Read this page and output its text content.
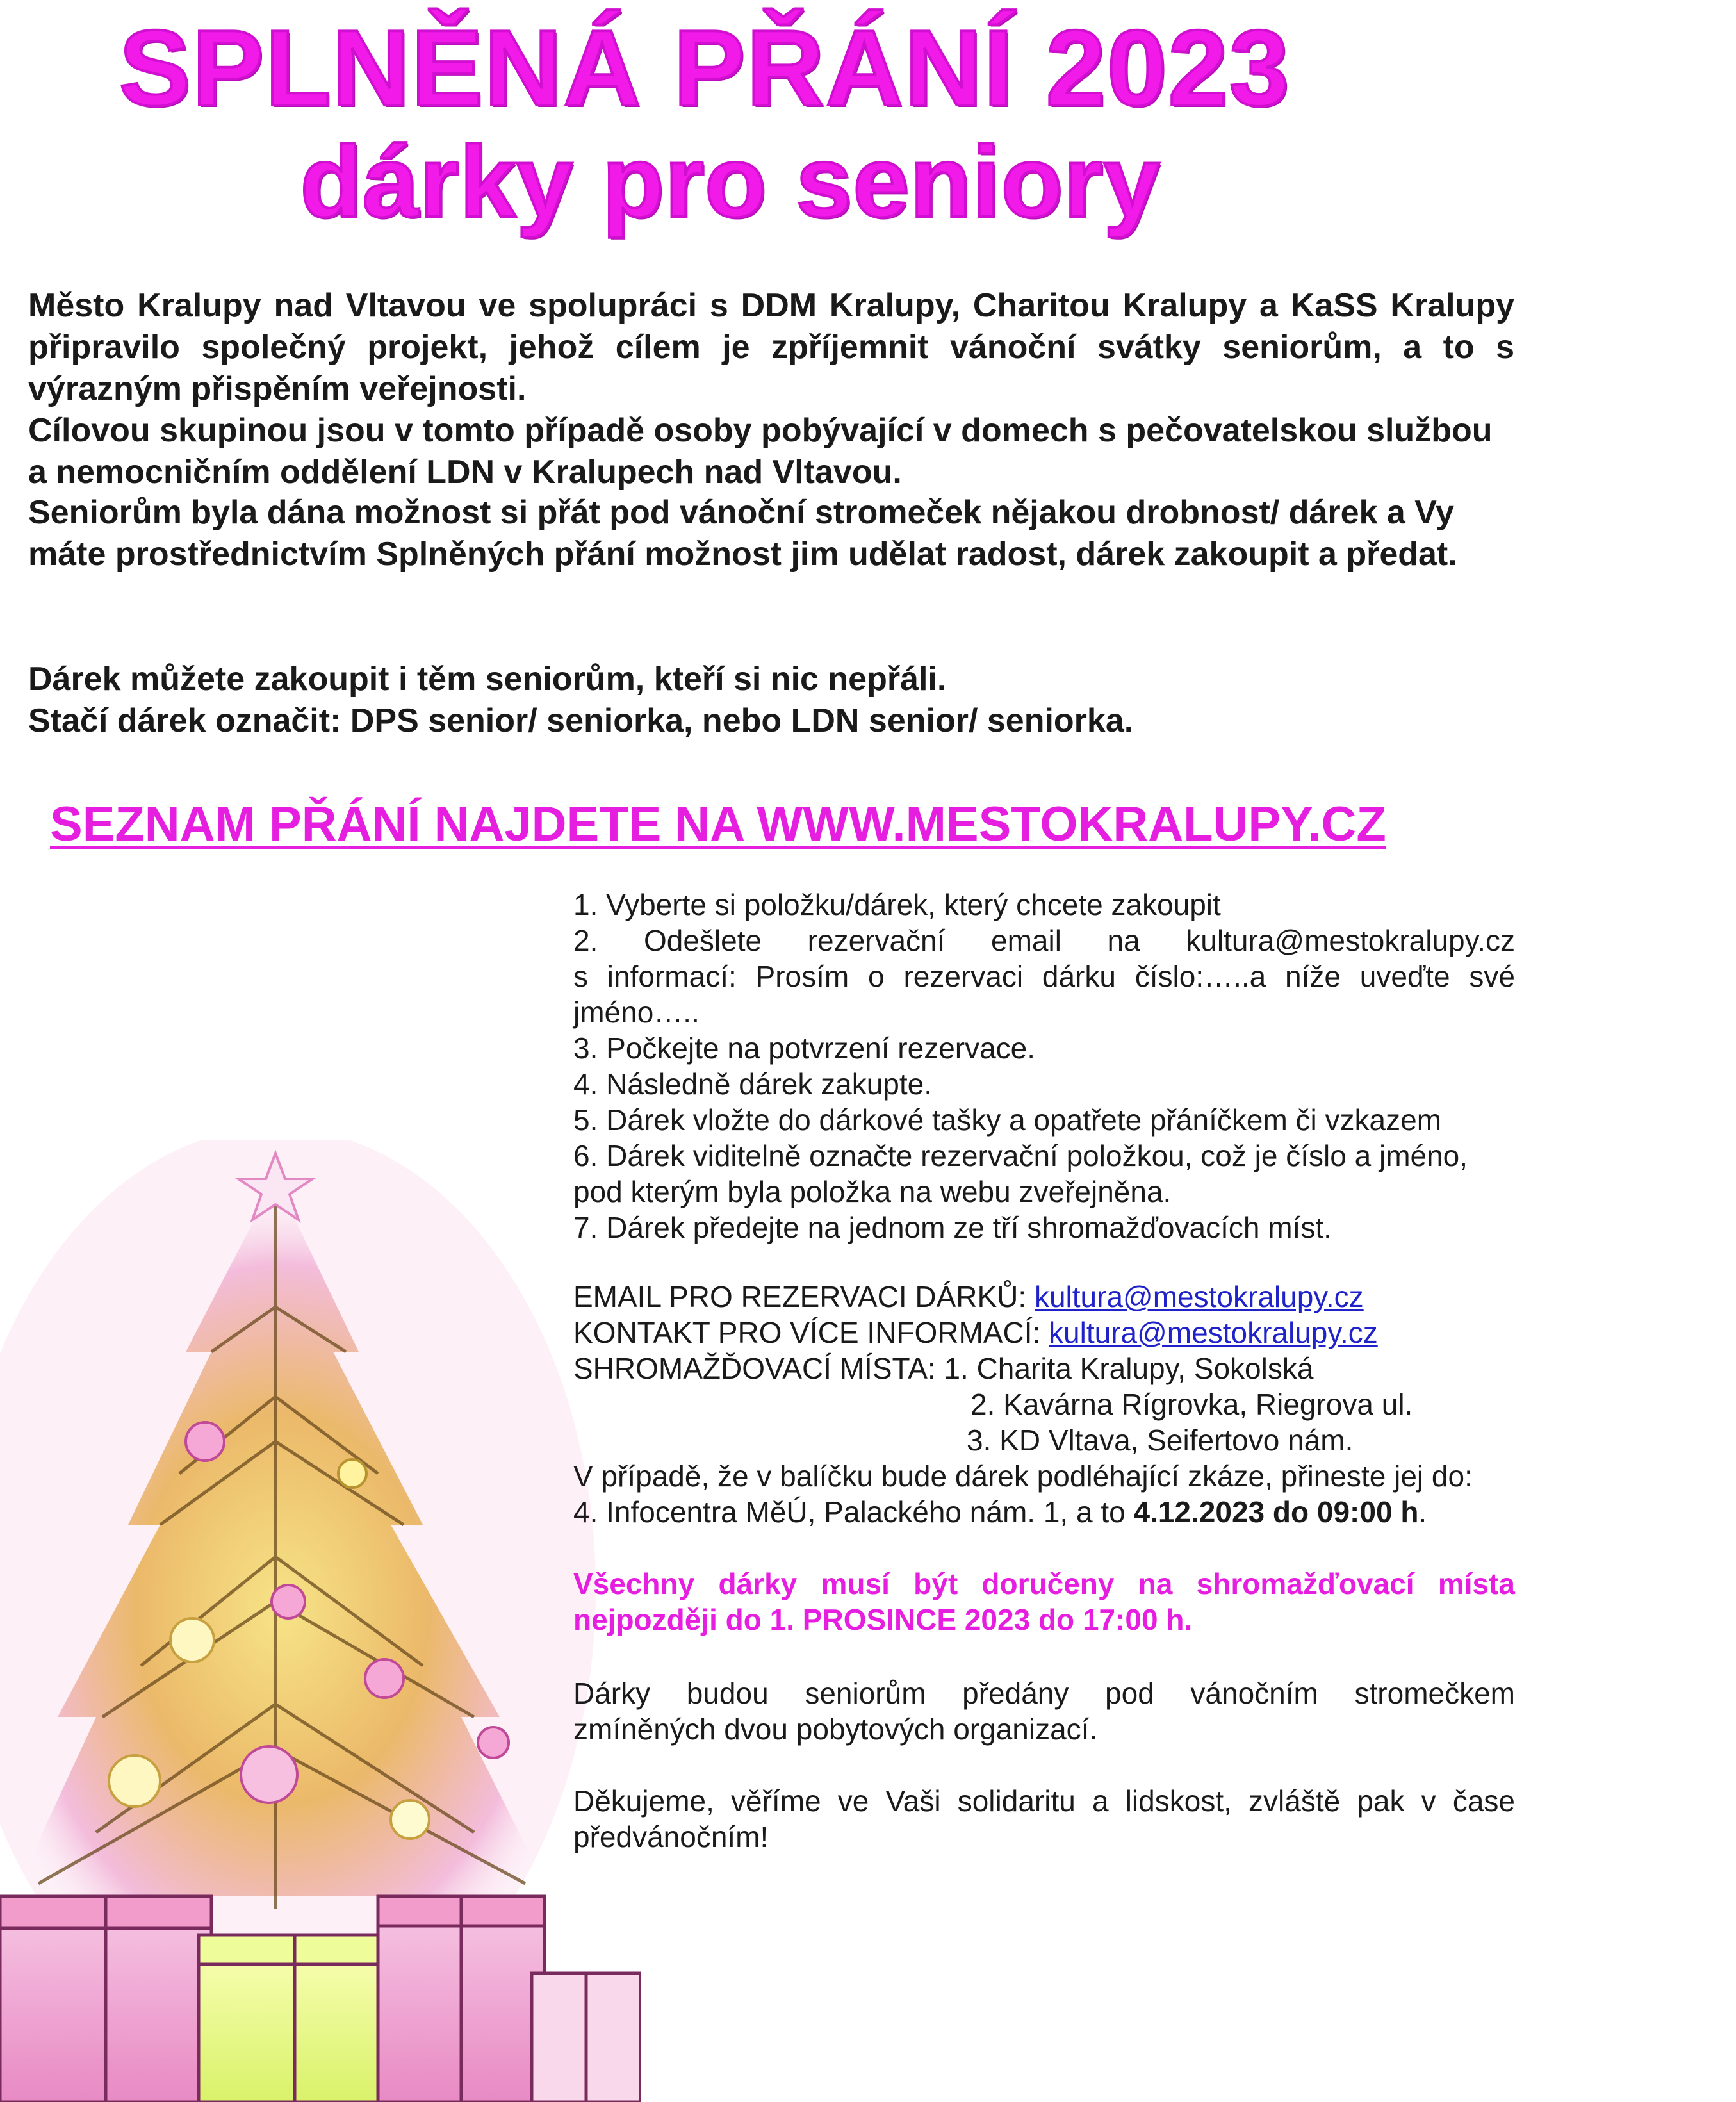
SPLNĚNÁ PŘÁNÍ 2023
dárky pro seniory

Město Kralupy nad Vltavou ve spolupráci s DDM Kralupy, Charitou Kralupy a KaSS Kralupy připravilo společný projekt, jehož cílem je zpříjemnit vánoční svátky seniorům, a to s výrazným přispěním veřejnosti.

Cílovou skupinou jsou v tomto případě osoby pobývající v domech s pečovatelskou službou a nemocničním oddělení LDN v Kralupech nad Vltavou.

Seniorům byla dána možnost si přát pod vánoční stromeček nějakou drobnost/ dárek a Vy máte prostřednictvím Splněných přání možnost jim udělat radost, dárek zakoupit a předat.

Dárek můžete zakoupit i těm seniorům, kteří si nic nepřáli.

Stačí dárek označit: DPS senior/ seniorka, nebo LDN senior/ seniorka.

SEZNAM PŘÁNÍ NAJDETE NA WWW.MESTOKRALUPY.CZ
1. Vyberte si položku/dárek, který chcete zakoupit
2. Odešlete rezervační email na kultura@mestokralupy.cz
s informací: Prosím o rezervaci dárku číslo:…..a níže uveďte své
jméno…..
3. Počkejte na potvrzení rezervace.
4. Následně dárek zakupte.
5. Dárek vložte do dárkové tašky a opatřete přáníčkem či vzkazem
6. Dárek viditelně označte rezervační položkou, což je číslo a jméno,
pod kterým byla položka na webu zveřejněna.
7. Dárek předejte na jednom ze tří shromažďovacích míst.
EMAIL PRO REZERVACI DÁRKŮ: kultura@mestokralupy.cz
KONTAKT PRO VÍCE INFORMACÍ: kultura@mestokralupy.cz
SHROMAŽĎOVACÍ MÍSTA: 1. Charita Kralupy, Sokolská
2. Kavárna Rígrovka, Riegrova ul.
3. KD Vltava, Seifertovo nám.
V případě, že v balíčku bude dárek podléhající zkáze, přineste jej do:
4. Infocentra MěÚ, Palackého nám. 1, a to 4.12.2023 do 09:00 h.
Všechny dárky musí být doručeny na shromažďovací místa
nejpozději do 1. PROSINCE 2023 do 17:00 h.
Dárky budou seniorům předány pod vánočním stromečkem
zmíněných dvou pobytových organizací.
Děkujeme, věříme ve Vaši solidaritu a lidskost, zvláště pak v čase
předvánočním!
